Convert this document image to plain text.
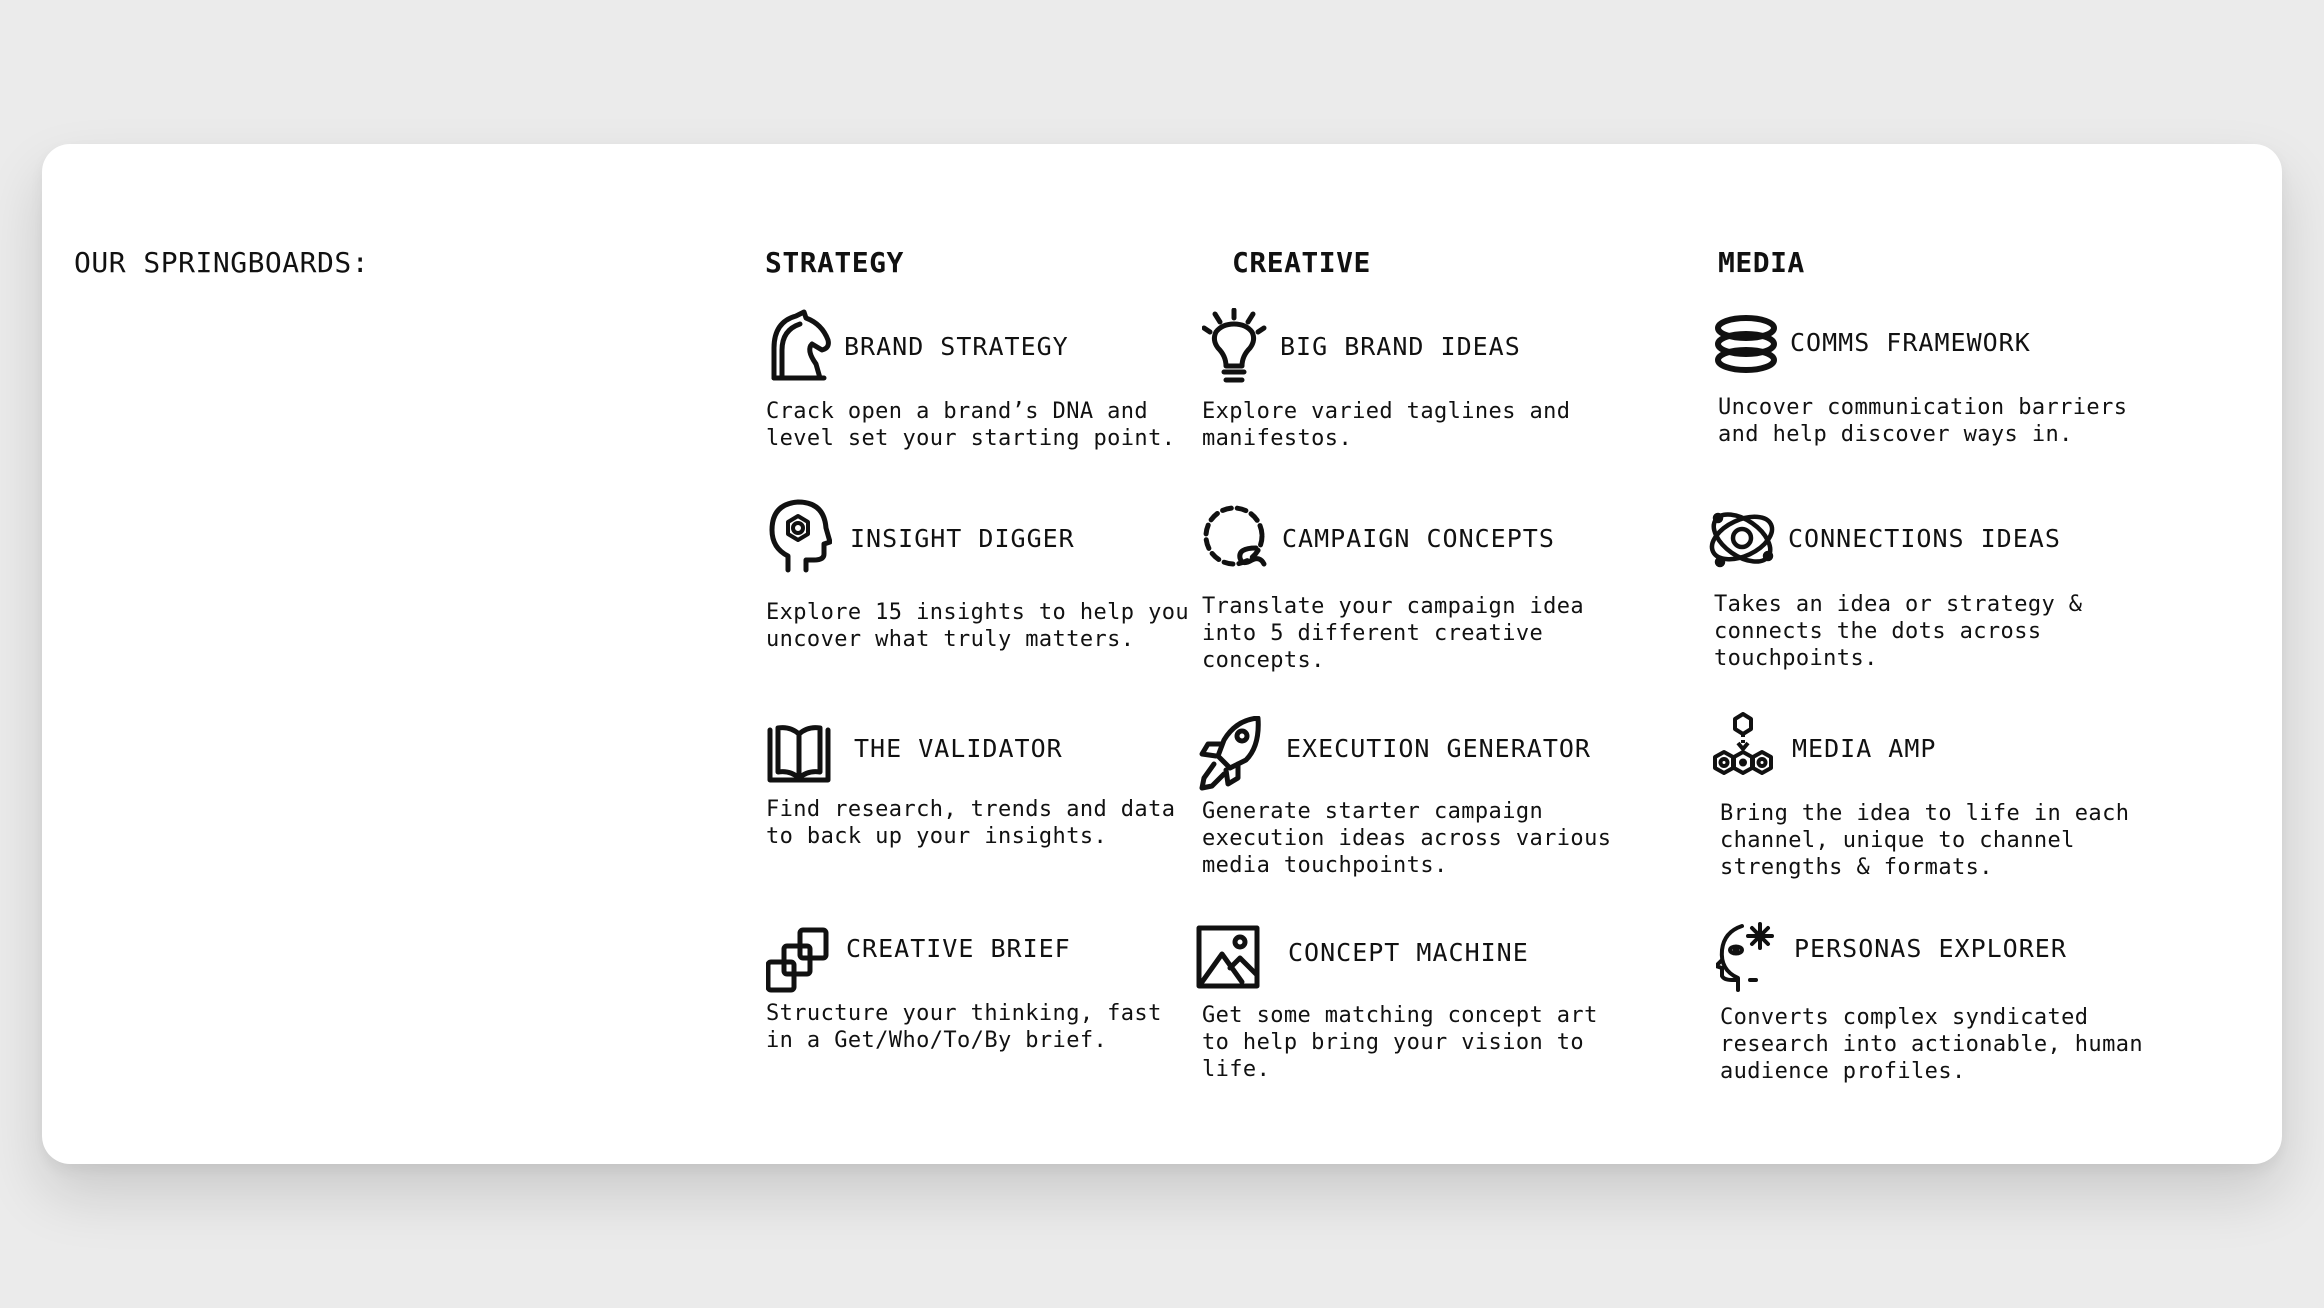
OUR SPRINGBOARDS:	STRATEGY	CREATIVE	MEDIA
BRAND STRATEGY
Crack open a brand’s DNA and
level set your starting point.
INSIGHT DIGGER
Explore 15 insights to help you
uncover what truly matters.
THE VALIDATOR
Find research, trends and data
to back up your insights.
CREATIVE BRIEF
Structure your thinking, fast
in a Get/Who/To/By brief.
BIG BRAND IDEAS
Explore varied taglines and
manifestos.
CAMPAIGN CONCEPTS
Translate your campaign idea
into 5 different creative
concepts.
EXECUTION GENERATOR
Generate starter campaign
execution ideas across various
media touchpoints.
CONCEPT MACHINE
Get some matching concept art
to help bring your vision to
life.
COMMS FRAMEWORK
Uncover communication barriers
and help discover ways in.
CONNECTIONS IDEAS
Takes an idea or strategy &
connects the dots across
touchpoints.
MEDIA AMP
Bring the idea to life in each
channel, unique to channel
strengths & formats.
PERSONAS EXPLORER
Converts complex syndicated
research into actionable, human
audience profiles.
